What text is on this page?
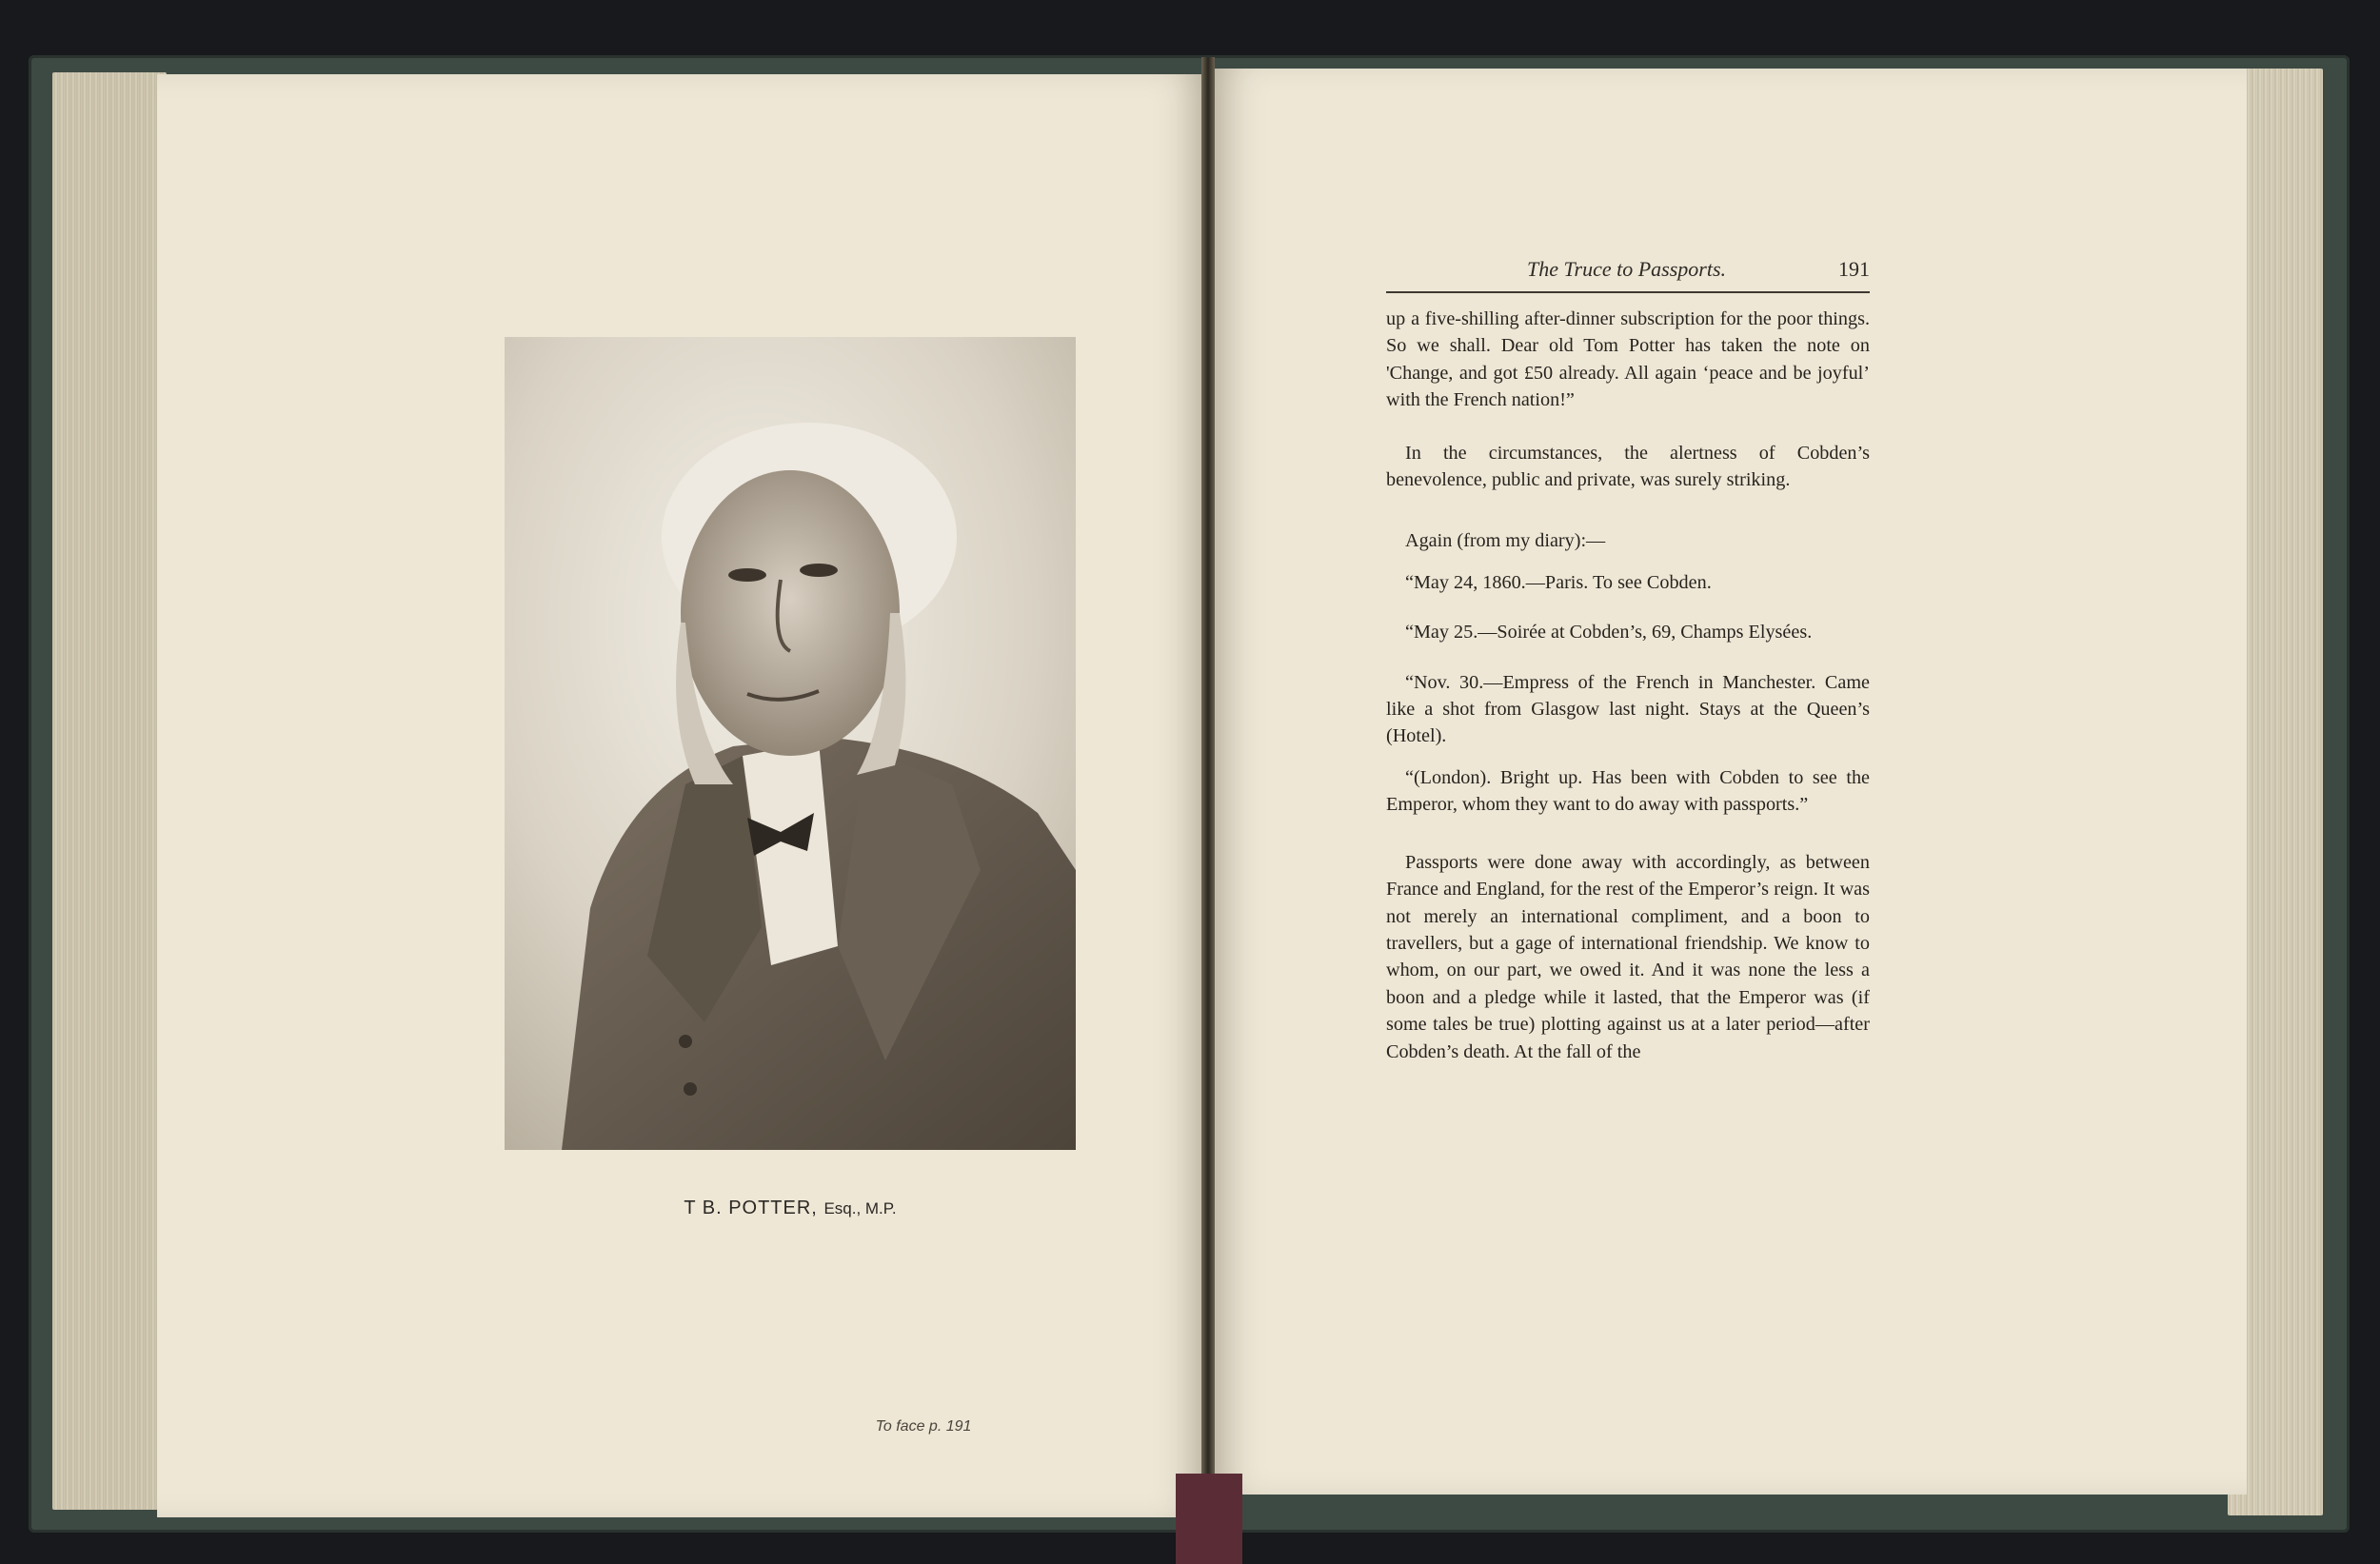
T B. POTTER, Esq., M.P.
To face p. 191
The Truce to Passports.	191

up a five-shilling after-dinner subscription for the poor things. So we shall. Dear old Tom Potter has taken the note on 'Change, and got £50 already. All again ‘peace and be joyful’ with the French nation!”

In the circumstances, the alertness of Cobden’s benevolence, public and private, was surely striking.

Again (from my diary):—

“May 24, 1860.—Paris. To see Cobden.

“May 25.—Soirée at Cobden’s, 69, Champs Elysées.

“Nov. 30.—Empress of the French in Manchester. Came like a shot from Glasgow last night. Stays at the Queen’s (Hotel).

“(London). Bright up. Has been with Cobden to see the Emperor, whom they want to do away with passports.”

Passports were done away with accordingly, as between France and England, for the rest of the Emperor’s reign. It was not merely an international compliment, and a boon to travellers, but a gage of international friendship. We know to whom, on our part, we owed it. And it was none the less a boon and a pledge while it lasted, that the Emperor was (if some tales be true) plotting against us at a later period—after Cobden’s death. At the fall of the
